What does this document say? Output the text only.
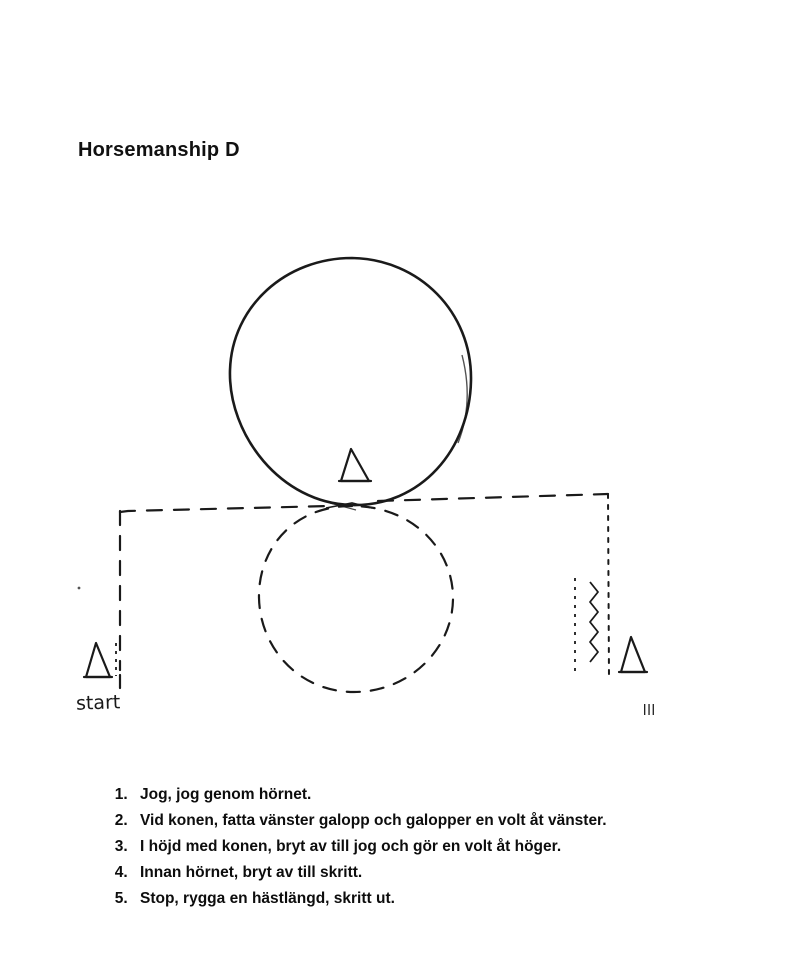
Horsemanship D
start	lll
1. Jog, jog genom hörnet.
2. Vid konen, fatta vänster galopp och galopper en volt åt vänster.
3. I höjd med konen, bryt av till jog och gör en volt åt höger.
4. Innan hörnet, bryt av till skritt.
5. Stop, rygga en hästlängd, skritt ut.
